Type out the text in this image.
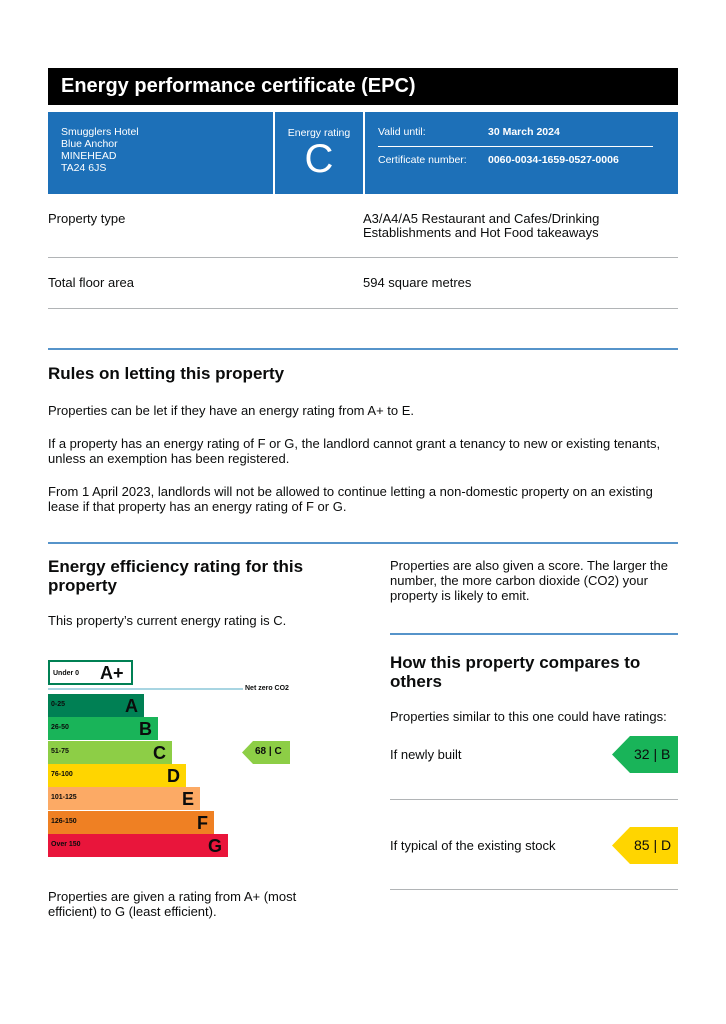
Energy performance certificate (EPC)
Smugglers Hotel
Blue Anchor
MINEHEAD
TA24 6JS
Energy rating
C
Valid until:	30 March 2024
Certificate number: 0060-0034-1659-0527-0006
Property type	A3/A4/A5 Restaurant and Cafes/Drinking Establishments and Hot Food takeaways
Total floor area	594 square metres
Rules on letting this property

Properties can be let if they have an energy rating from A+ to E.

If a property has an energy rating of F or G, the landlord cannot grant a tenancy to new or existing tenants, unless an exemption has been registered.

From 1 April 2023, landlords will not be allowed to continue letting a non-domestic property on an existing lease if that property has an energy rating of F or G.

Energy efficiency rating for this property

This property’s current energy rating is C.

Under 0 A+
Net zero CO2
0-25	A
26-50	B
51-75	C
76-100	D
101-125	E
126-150	F
Over 150	G
68 | C

Properties are given a rating from A+ (most efficient) to G (least efficient).

Properties are also given a score. The larger the number, the more carbon dioxide (CO2) your property is likely to emit.

How this property compares to others

Properties similar to this one could have ratings:

If newly built	32 | B
If typical of the existing stock	85 | D
